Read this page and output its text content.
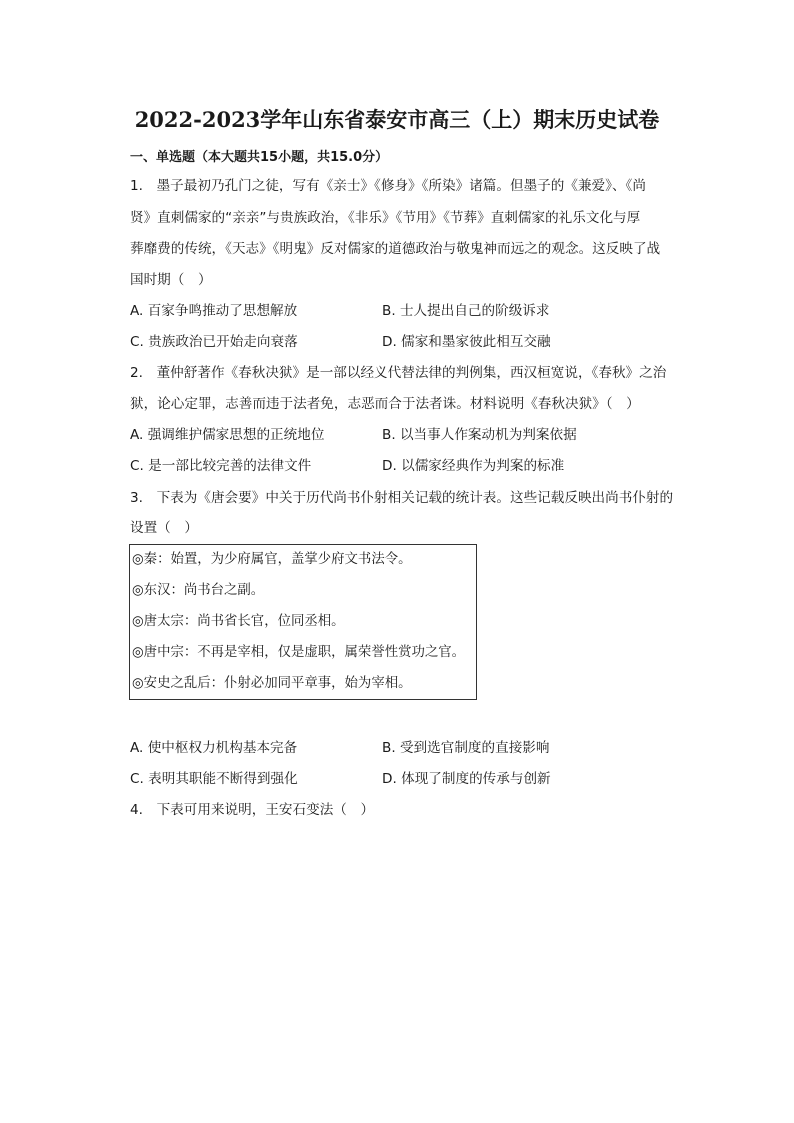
2022-2023学年山东省泰安市高三（上）期末历史试卷
一、单选题（本大题共15小题，共15.0分）
1.　墨子最初乃孔门之徒，写有《亲士》《修身》《所染》诸篇。但墨子的《兼爱》、《尚
贤》直刺儒家的“亲亲”与贵族政治，《非乐》《节用》《节葬》直刺儒家的礼乐文化与厚
葬靡费的传统，《天志》《明鬼》反对儒家的道德政治与敬鬼神而远之的观念。这反映了战
国时期（　）
A. 百家争鸣推动了思想解放	B. 士人提出自己的阶级诉求
C. 贵族政治已开始走向衰落	D. 儒家和墨家彼此相互交融
2.　董仲舒著作《春秋决狱》是一部以经义代替法律的判例集，西汉桓宽说，《春秋》之治
狱，论心定罪，志善而违于法者免，志恶而合于法者诛。材料说明《春秋决狱》（　）
A. 强调维护儒家思想的正统地位	B. 以当事人作案动机为判案依据
C. 是一部比较完善的法律文件	D. 以儒家经典作为判案的标准
3.　下表为《唐会要》中关于历代尚书仆射相关记载的统计表。这些记载反映出尚书仆射的
设置（　）
◎秦：始置，为少府属官，盖掌少府文书法令。
◎东汉：尚书台之副。
◎唐太宗：尚书省长官，位同丞相。
◎唐中宗：不再是宰相，仅是虚职，属荣誉性赏功之官。
◎安史之乱后：仆射必加同平章事，始为宰相。
A. 使中枢权力机构基本完备	B. 受到选官制度的直接影响
C. 表明其职能不断得到强化	D. 体现了制度的传承与创新
4.　下表可用来说明，王安石变法（　）
